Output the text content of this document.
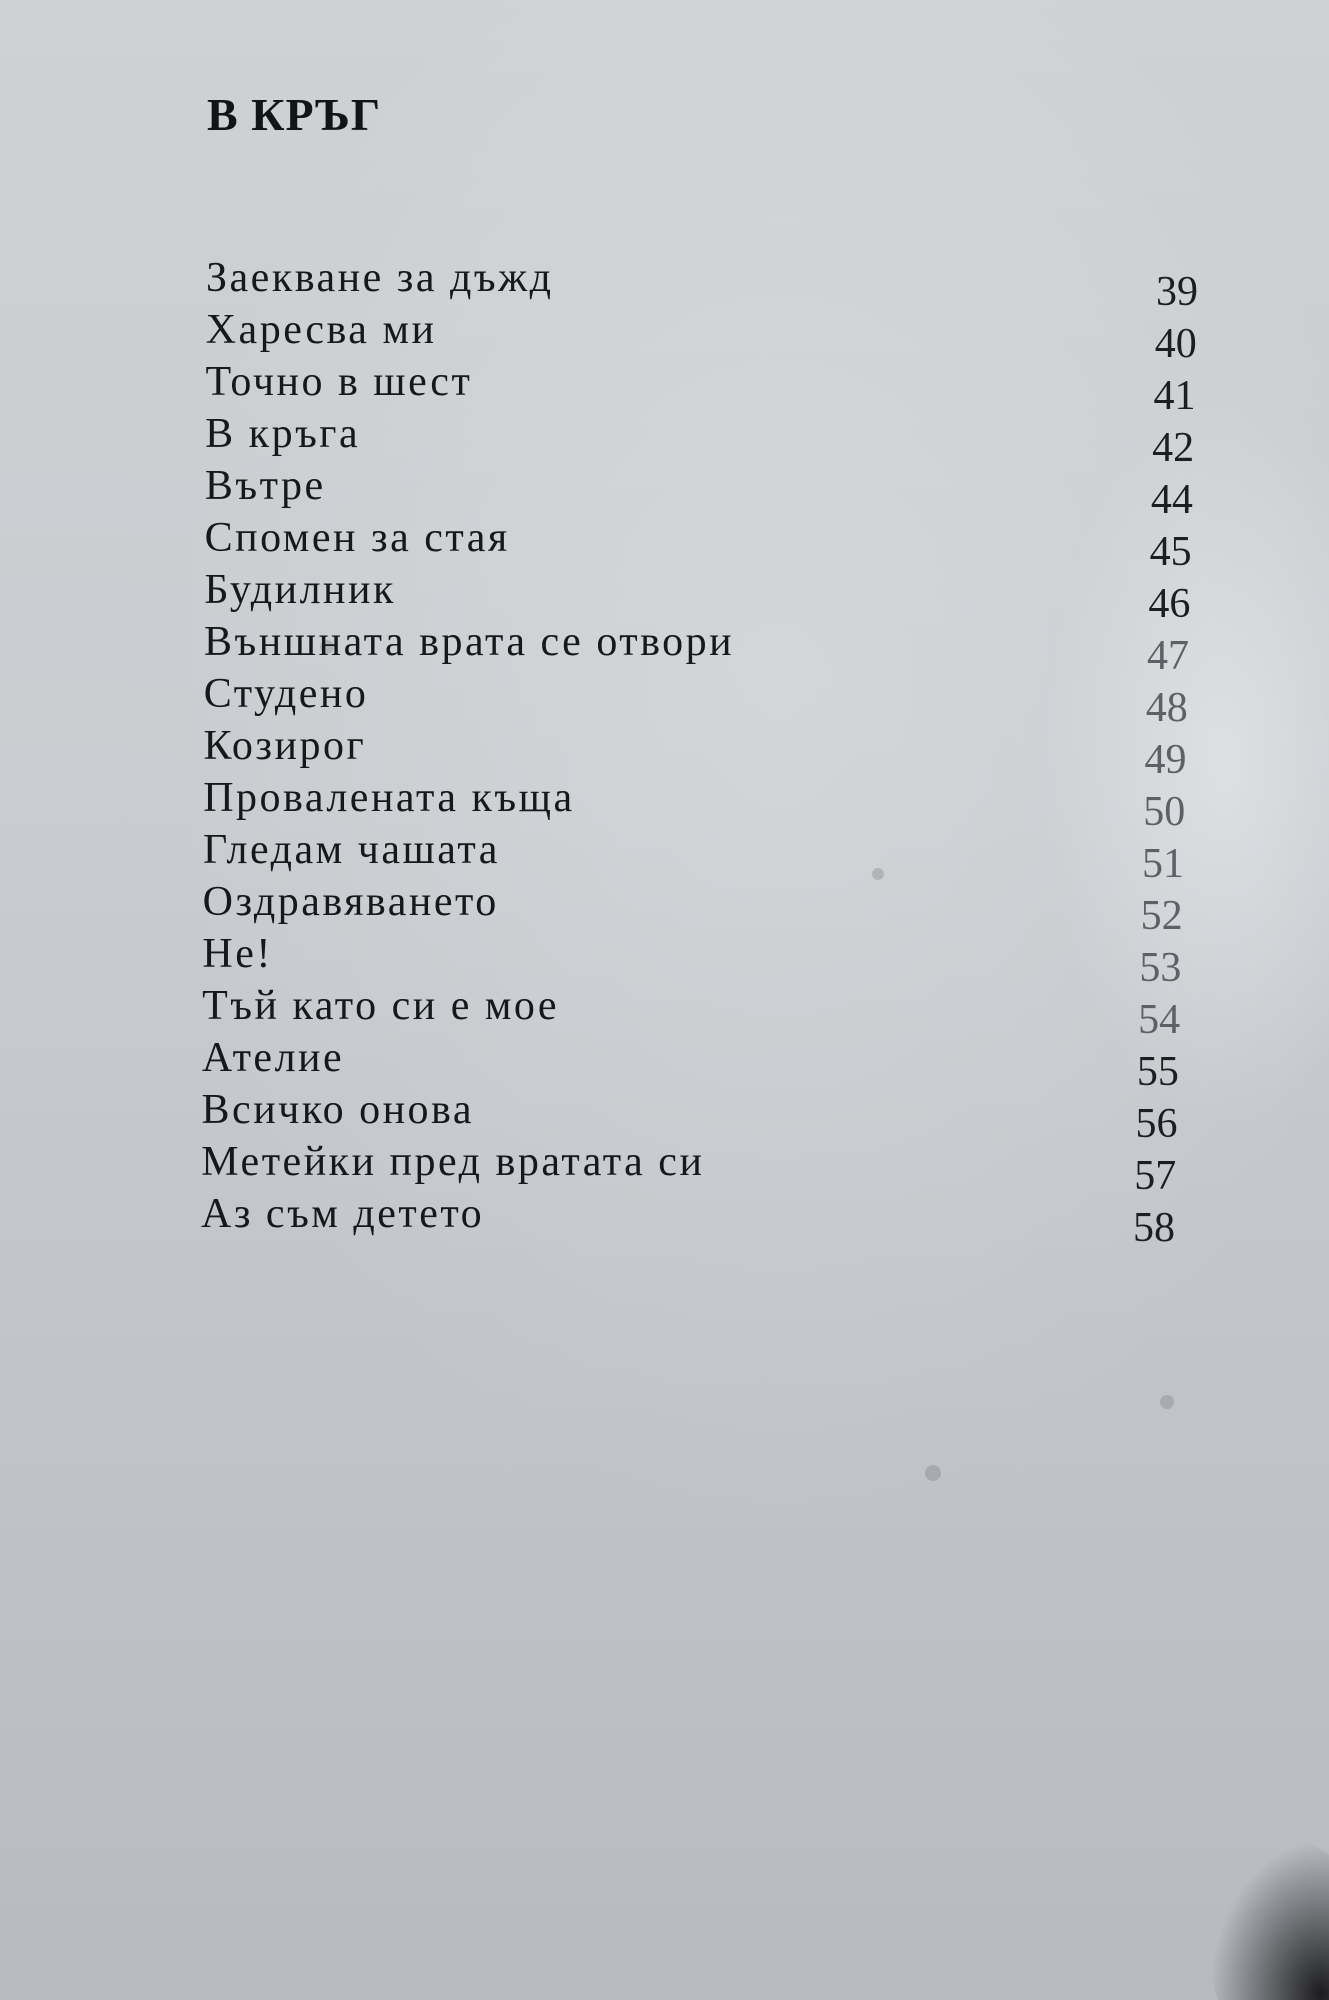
В КРЪГ
Заекване за дъжд	39
Харесва ми	40
Точно в шест	41
В кръга	42
Вътре	44
Спомен за стая	45
Будилник	46
Външната врата се отвори	47
Студено	48
Козирог	49
Провалената къща	50
Гледам чашата	51
Оздравяването	52
Не!	53
Тъй като си е мое	54
Ателие	55
Всичко онова	56
Метейки пред вратата си	57
Аз съм детето	58
